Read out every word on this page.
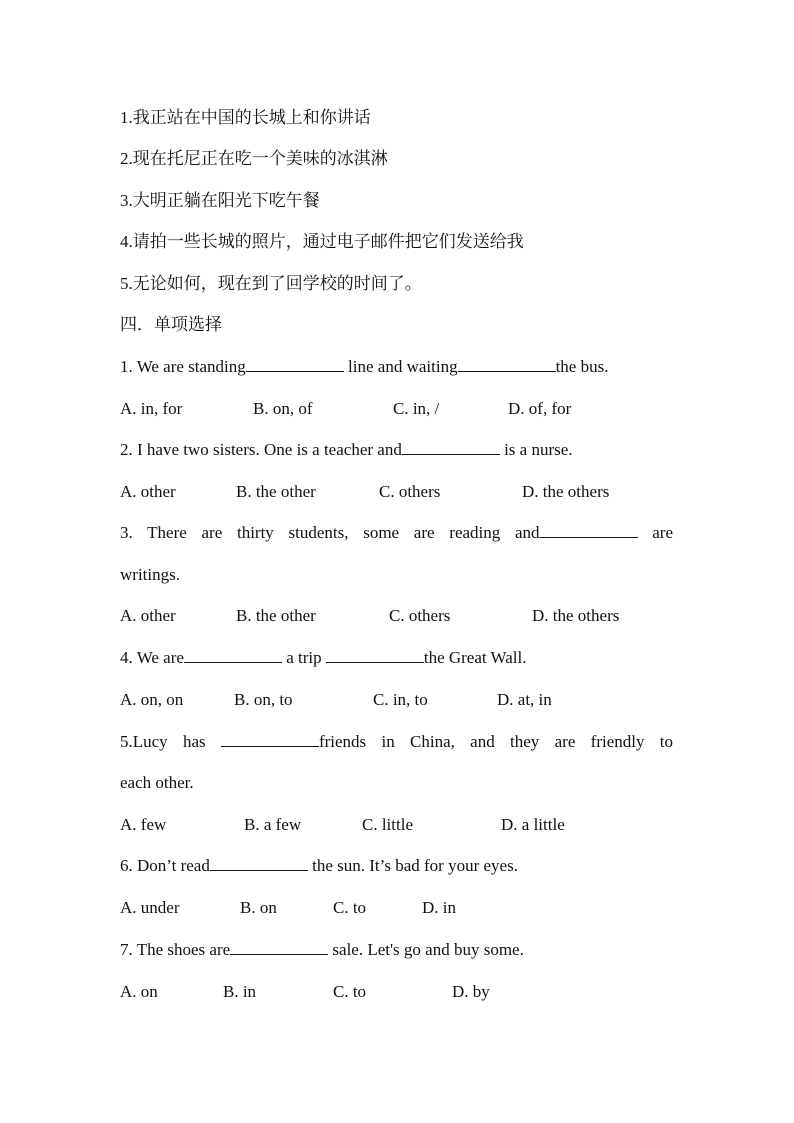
1.我正站在中国的长城上和你讲话
2.现在托尼正在吃一个美味的冰淇淋
3.大明正躺在阳光下吃午餐
4.请拍一些长城的照片，通过电子邮件把它们发送给我
5.无论如何，现在到了回学校的时间了。
四．单项选择
1. We are standing	line and waiting	the bus.
A. in, for	B. on, of	C. in, /	D. of, for
2. I have two sisters. One is a teacher and	is a nurse.
A. other	B. the other	C. others	D. the others
3. There are thirty students, some are reading and	are
writings.
A. other	B. the other	C. others	D. the others
4. We are	a trip	the Great Wall.
A. on, on	B. on, to	C. in, to	D. at, in
5.Lucy has	friends in China, and they are friendly to
each other.
A. few	B. a few	C. little	D. a little
6. Don’t read	the sun. It’s bad for your eyes.
A. under	B. on	C. to	D. in
7. The shoes are	sale. Let's go and buy some.
A. on	B. in	C. to	D. by
